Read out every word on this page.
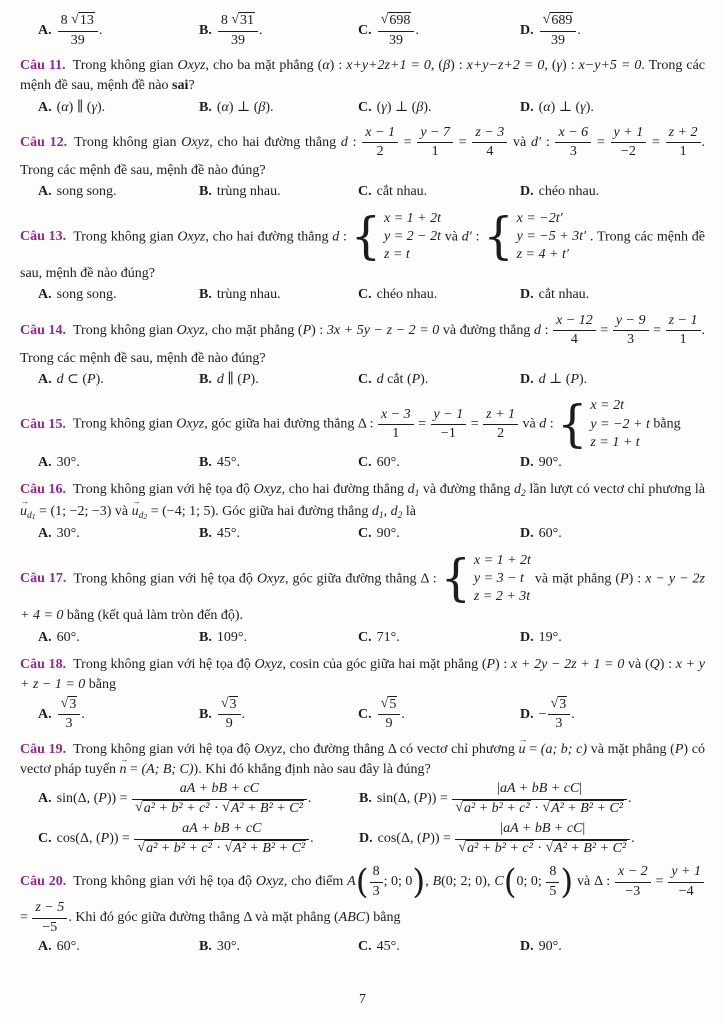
A. $\frac{8 √13}{39}$ .	B. $\frac{8 √31}{39}$ .	C. $\frac{√698}{39}$ .	D. $\frac{√689}{39}$ .
Câu 11. Trong không gian Oxyz, cho ba mặt phẳng (α) : x+y+2z+1 = 0, (β) : x+y−z+2 = 0, (γ) : x−y+5 = 0. Trong các mệnh đề sau, mệnh đề nào sai?
A. (α) ∥ (γ).	B. (α) ⊥ (β).	C. (γ) ⊥ (β).	D. (α) ⊥ (γ).
Câu 12. Trong không gian Oxyz, cho hai đường thẳng d : $\frac{x - 1}{2} = \frac{y - 7}{1} = \frac{z - 3}{4}$ và d′ : $\frac{x - 6}{3} = \frac{y + 1}{-2} = \frac{z + 2}{1}$ . Trong các mệnh đề sau, mệnh đề nào đúng?
A. song song.	B. trùng nhau.	C. cắt nhau.	D. chéo nhau.
Câu 13. Trong không gian Oxyz, cho hai đường thẳng d : { x = 1 + 2t
y = 2 − 2t
z = t
và d′ : { x = −2t′
y = −5 + 3t′
z = 4 + t′
. Trong các mệnh đề sau, mệnh đề nào đúng?
A. song song.	B. trùng nhau.	C. chéo nhau.	D. cắt nhau.
Câu 14. Trong không gian Oxyz, cho mặt phẳng (P) : 3x + 5y − z − 2 = 0 và đường thẳng d : $\frac{x - 12}{4} = \frac{y - 9}{3} = \frac{z - 1}{1}$ . Trong các mệnh đề sau, mệnh đề nào đúng?
A. d ⊂ (P).	B. d ∥ (P).	C. d cắt (P).	D. d ⊥ (P).
Câu 15. Trong không gian Oxyz, góc giữa hai đường thẳng Δ : $\frac{x - 3}{1} = \frac{y - 1}{-1} = \frac{z + 1}{2}$ và d : { x = 2t
y = −2 + t
z = 1 + t
bằng
A. 30°.	B. 45°.	C. 60°.	D. 90°.
Câu 16. Trong không gian với hệ tọa độ Oxyz, cho hai đường thẳng $d_1$ và đường thẳng $d_2$ lần lượt có vectơ chỉ phương là $u \to_{d1} = (1$; −2; −3) và $u \to_{d2} = (-4$; 1; 5). Góc giữa hai đường thẳng $d_1$, $d_2$ là
A. 30°.	B. 45°.	C. 90°.	D. 60°.
Câu 17. Trong không gian với hệ tọa độ Oxyz, góc giữa đường thẳng Δ : { x = 1 + 2t
y = 3 − t
z = 2 + 3t
và mặt phẳng (P) : x − y − 2z + 4 = 0 bằng (kết quả làm tròn đến độ).
A. 60°.	B. 109°.	C. 71°.	D. 19°.
Câu 18. Trong không gian với hệ tọa độ Oxyz, cosin của góc giữa hai mặt phẳng (P) : x + 2y − 2z + 1 = 0 và (Q) : x + y + z − 1 = 0 bằng
A. $\frac{√3}{3}$ .	B. $\frac{√3}{9}$ .	C. $\frac{√5}{9}$ .	D. − $\frac{√3}{3}$ .
Câu 19. Trong không gian với hệ tọa độ Oxyz, cho đường thẳng Δ có vectơ chỉ phương u → = (a; b; c) và mặt phẳng (P) có vectơ pháp tuyến n → = (A; B; C)). Khi đó khẳng định nào sau đây là đúng?
A. sin(Δ, $(P)) = \frac{aA + bB + cC}{\text{√a² + b² + c² · √A² + B² + C²}}$ .	B. sin(Δ, $(P)) = \frac{|aA + bB + cC|}{\text{√a² + b² + c² · √A² + B² + C²}}$ .
C. cos(Δ, $(P)) = \frac{aA + bB + cC}{\text{√a² + b² + c² · √A² + B² + C²}}$ .	D. cos(Δ, $(P)) = \frac{|aA + bB + cC|}{\text{√a² + b² + c² · √A² + B² + C²}}$ .
Câu 20. Trong không gian với hệ tọa độ Oxyz, cho điểm A ( $\frac{8}{3}$ ; 0; 0 ) , B(0; 2; 0), C ( 0; 0; $\frac{8}{5}$ ) và Δ : $\frac{x - 2}{-3} = \frac{y + 1}{-4}$
= $\frac{z - 5}{-5}$ . Khi đó góc giữa đường thẳng Δ và mặt phẳng (ABC) bằng
A. 60°.	B. 30°.	C. 45°.	D. 90°.
7
